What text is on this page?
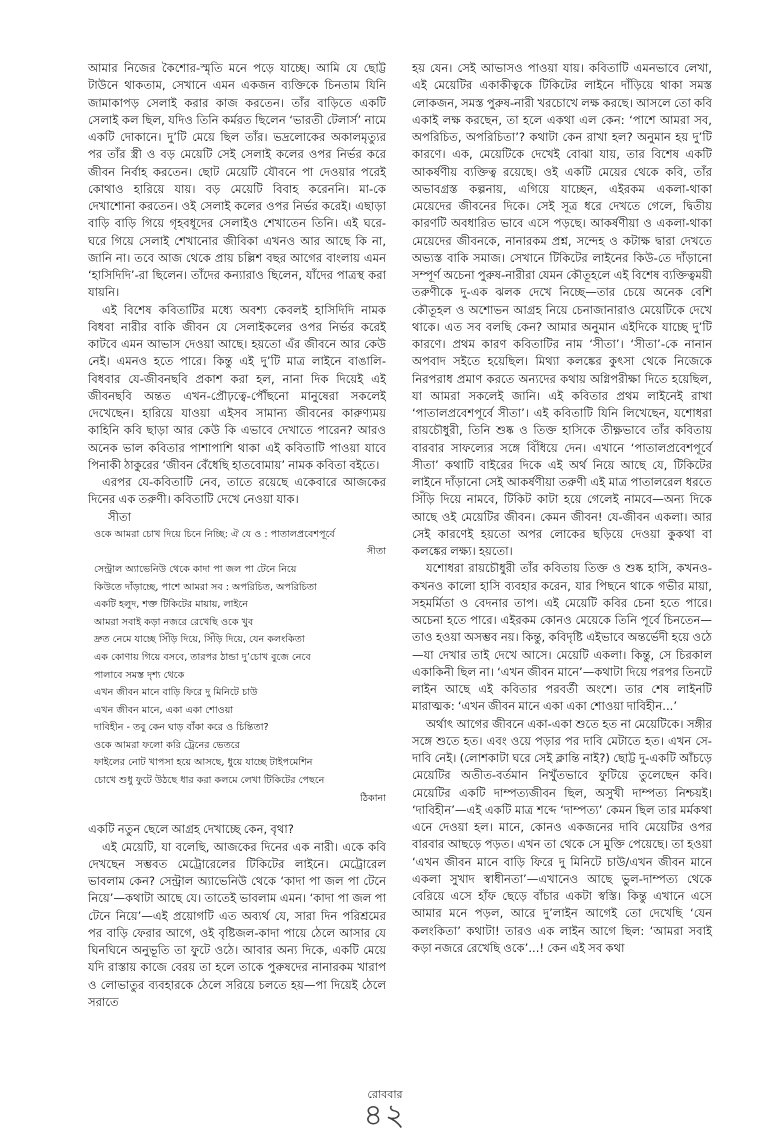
আমার নিজের কৈশোর-স্মৃতি মনে পড়ে যাচ্ছে। আমি যে ছোট্ট টাউনে থাকতাম, সেখানে এমন একজন ব্যক্তিকে চিনতাম যিনি জামাকাপড় সেলাই করার কাজ করতেন। তাঁর বাড়িতে একটি সেলাই কল ছিল, যদিও তিনি কর্মরত ছিলেন ‘ভারতী টেলার্স’ নামে একটি দোকানে। দু’টি মেয়ে ছিল তাঁর। ভদ্রলোকের অকালমৃত্যুর পর তাঁর স্ত্রী ও বড় মেয়েটি সেই সেলাই কলের ওপর নির্ভর করে জীবন নির্বাহ করতেন। ছোট মেয়েটি যৌবনে পা দেওয়ার পরেই কোথাও হারিয়ে যায়। বড় মেয়েটি বিবাহ করেননি। মা-কে দেখাশোনা করতেন। ওই সেলাই কলের ওপর নির্ভর করেই। এছাড়া বাড়ি বাড়ি গিয়ে গৃহবধূদের সেলাইও শেখাতেন তিনি। এই ঘরে-ঘরে গিয়ে সেলাই শেখানোর জীবিকা এখনও আর আছে কি না, জানি না। তবে আজ থেকে প্রায় চল্লিশ বছর আগের বাংলায় এমন ‘হাসিদিদি’-রা ছিলেন। তাঁদের কন্যারাও ছিলেন, যাঁদের পাত্রস্থ করা যায়নি।

এই বিশেষ কবিতাটির মধ্যে অবশ্য কেবলই হাসিদিদি নামক বিধবা নারীর বাকি জীবন যে সেলাইকলের ওপর নির্ভর করেই কাটবে এমন আভাস দেওয়া আছে। হয়তো এঁর জীবনে আর কেউ নেই। এমনও হতে পারে। কিন্তু এই দু’টি মাত্র লাইনে বাঙালি-বিধবার যে-জীবনছবি প্রকাশ করা হল, নানা দিক দিয়েই এই জীবনছবি অন্তত এখন-প্রৌঢ়ত্বে-পৌঁছনো মানুষেরা সকলেই দেখেছেন। হারিয়ে যাওয়া এইসব সামান্য জীবনের কারুণ্যময় কাহিনি কবি ছাড়া আর কেউ কি এভাবে দেখাতে পারেন? আরও অনেক ভাল কবিতার পাশাপাশি থাকা এই কবিতাটি পাওয়া যাবে পিনাকী ঠাকুরের ‘জীবন বেঁধেছি হাতবোমায়’ নামক কবিতা বইতে।

এরপর যে-কবিতাটি নেব, তাতে রয়েছে একেবারে আজকের দিনের এক তরুণী। কবিতাটি দেখে নেওয়া যাক।

সীতা

ওকে আমরা চোখ দিয়ে চিনে নিচ্ছি: ঐ যে ও : পাতালপ্রবেশপূর্বে
সীতা
সেন্ট্রাল অ্যাভেনিউ থেকে কাদা পা জল পা টেনে নিয়ে
কিউতে দাঁড়াচ্ছে, পাশে আমরা সব : অপরিচিত, অপরিচিতা
একটি হলুদ, শক্ত টিকিটের মায়ায়, লাইনে
আমরা সবাই কড়া নজরে রেখেছি ওকে খুব
দ্রুত নেমে যাচ্ছে সিঁড়ি দিয়ে, সিঁড়ি দিয়ে, যেন কলংকিতা
এক কোণায় গিয়ে বসবে, তারপর ঠান্ডা দু’চোখ বুজে নেবে
পালাবে সমস্ত দৃশ্য থেকে
এখন জীবন মানে বাড়ি ফিরে দু মিনিটে চাউ
এখন জীবন মানে, একা একা শোওয়া
দাবিহীন - তবু কেন ঘাড় বাঁকা করে ও চিন্তিতা?
ওকে আমরা ফলো করি ট্রেনের ভেতরে
ফাইলের নোট খাপসা হয়ে আসছে, ধুয়ে যাচ্ছে টাইপমেশিন
চোখে শুধু ফুটে উঠছে ধার করা কলমে লেখা টিকিটের পেছনে
ঠিকানা

একটি নতুন ছেলে আগ্রহ দেখাচ্ছে কেন, বৃথা?

এই মেয়েটি, যা বলেছি, আজকের দিনের এক নারী। একে কবি দেখছেন সম্ভবত মেট্রোরেলের টিকিটের লাইনে। মেট্রোরেল ভাবলাম কেন? সেন্ট্রাল অ্যাভেনিউ থেকে ‘কাদা পা জল পা টেনে নিয়ে’—কথাটা আছে যে। তাতেই ভাবলাম এমন। ‘কাদা পা জল পা টেনে নিয়ে’—এই প্রয়োগটি এত অব্যর্থ যে, সারা দিন পরিশ্রমের পর বাড়ি ফেরার আগে, ওই বৃষ্টিজল-কাদা পায়ে ঠেলে আসার যে ঘিনঘিনে অনুভূতি তা ফুটে ওঠে। আবার অন্য দিকে, একটি মেয়ে যদি রাস্তায় কাজে বেরয় তা হলে তাকে পুরুষদের নানারকম খারাপ ও লোভাতুর ব্যবহারকে ঠেলে সরিয়ে চলতে হয়—পা দিয়েই ঠেলে সরাতে

হয় যেন। সেই আভাসও পাওয়া যায়। কবিতাটি এমনভাবে লেখা, এই মেয়েটির একাকীত্বকে টিকিটের লাইনে দাঁড়িয়ে থাকা সমস্ত লোকজন, সমস্ত পুরুষ-নারী খরচোখে লক্ষ করছে। আসলে তো কবি একাই লক্ষ করছেন, তা হলে একথা এল কেন: ‘পাশে আমরা সব, অপরিচিত, অপরিচিতা’? কথাটা কেন রাখা হল? অনুমান হয় দু’টি কারণে। এক, মেয়েটিকে দেখেই বোঝা যায়, তার বিশেষ একটি আকর্ষণীয় ব্যক্তিত্ব রয়েছে। ওই একটি মেয়ের থেকে কবি, তাঁর অভাবগ্রস্ত কল্পনায়, এগিয়ে যাচ্ছেন, এইরকম একলা-থাকা মেয়েদের জীবনের দিকে। সেই সূত্র ধরে দেখতে গেলে, দ্বিতীয় কারণটি অবধারিত ভাবে এসে পড়ছে। আকর্ষণীয়া ও একলা-থাকা মেয়েদের জীবনকে, নানারকম প্রশ্ন, সন্দেহ ও কটাক্ষ দ্বারা দেখতে অভ্যস্ত বাকি সমাজ। সেখানে টিকিটের লাইনের কিউ-তে দাঁড়ানো সম্পূর্ণ অচেনা পুরুষ-নারীরা যেমন কৌতূহলে এই বিশেষ ব্যক্তিত্বময়ী তরুণীকে দু-এক ঝলক দেখে নিচ্ছে—তার চেয়ে অনেক বেশি কৌতূহল ও অশোভন আগ্রহ নিয়ে চেনাজানারাও মেয়েটিকে দেখে থাকে। এত সব বলছি কেন? আমার অনুমান এইদিকে যাচ্ছে দু’টি কারণে। প্রথম কারণ কবিতাটির নাম ‘সীতা’। ‘সীতা’-কে নানান অপবাদ সইতে হয়েছিল। মিথ্যা কলঙ্কের কুৎসা থেকে নিজেকে নিরপরাধ প্রমাণ করতে অন্যদের কথায় অগ্নিপরীক্ষা দিতে হয়েছিল, যা আমরা সকলেই জানি। এই কবিতার প্রথম লাইনেই রাখা ‘পাতালপ্রবেশপূর্বে সীতা’। এই কবিতাটি যিনি লিখেছেন, যশোধরা রায়চৌধুরী, তিনি শুষ্ক ও তিক্ত হাসিকে তীক্ষ্ণভাবে তাঁর কবিতায় বারবার সাফল্যের সঙ্গে বিঁধিয়ে দেন। এখানে ‘পাতালপ্রবেশপূর্বে সীতা’ কথাটি বাইরের দিকে এই অর্থ নিয়ে আছে যে, টিকিটের লাইনে দাঁড়ানো সেই আকর্ষণীয়া তরুণী এই মাত্র পাতালরেল ধরতে সিঁড়ি দিয়ে নামবে, টিকিট কাটা হয়ে গেলেই নামবে—অন্য দিকে আছে ওই মেয়েটির জীবন। কেমন জীবন! যে-জীবন একলা। আর সেই কারণেই হয়তো অপর লোকের ছড়িয়ে দেওয়া কুকথা বা কলঙ্কের লক্ষ্য। হয়তো।

যশোধরা রায়চৌধুরী তাঁর কবিতায় তিক্ত ও শুষ্ক হাসি, কখনও-কখনও কালো হাসি ব্যবহার করেন, যার পিছনে থাকে গভীর মায়া, সহমর্মিতা ও বেদনার তাপ। এই মেয়েটি কবির চেনা হতে পারে। অচেনা হতে পারে। এইরকম কোনও মেয়েকে তিনি পূর্বে চিনতেন—তাও হওয়া অসম্ভব নয়। কিন্তু, কবিদৃষ্টি এইভাবে অন্তর্ভেদী হয়ে ওঠে—যা দেখার তাই দেখে আসে। মেয়েটি একলা। কিন্তু, সে চিরকাল একাকিনী ছিল না। ‘এখন জীবন মানে’—কথাটা দিয়ে পরপর তিনটে লাইন আছে এই কবিতার পরবর্তী অংশে। তার শেষ লাইনটি মারাত্মক: ‘এখন জীবন মানে একা একা শোওয়া দাবিহীন...’

অর্থাৎ আগের জীবনে একা-একা শুতে হত না মেয়েটিকে। সঙ্গীর সঙ্গে শুতে হত। এবং ওয়ে পড়ার পর দাবি মেটাতে হত। এখন সে-দাবি নেই। (লোশকাটা ঘরে সেই ক্লান্তি নাই?) ছোট্ট দু-একটি আঁচড়ে মেয়েটির অতীত-বর্তমান নিখুঁতভাবে ফুটিয়ে তুলেছেন কবি। মেয়েটির একটি দাম্পত্যজীবন ছিল, অসুখী দাম্পত্য নিশ্চয়ই। ‘দাবিহীন’—এই একটি মাত্র শব্দে ‘দাম্পত্য’ কেমন ছিল তার মর্মকথা এনে দেওয়া হল। মানে, কোনও একজনের দাবি মেয়েটির ওপর বারবার আছড়ে পড়ত। এখন তা থেকে সে মুক্তি পেয়েছে। তা হওয়া ‘এখন জীবন মানে বাড়ি ফিরে দু মিনিটে চাউ/এখন জীবন মানে একলা সুখাদ স্বাধীনতা’—এখানেও আছে ভুল-দাম্পত্য থেকে বেরিয়ে এসে হাঁফ ছেড়ে বাঁচার একটা স্বস্তি। কিন্তু এখানে এসে আমার মনে পড়ল, আরে দু’লাইন আগেই তো দেখেছি ‘যেন কলংকিতা’ কথাটা! তারও এক লাইন আগে ছিল: ‘আমরা সবাই কড়া নজরে রেখেছি ওকে’...! কেন এই সব কথা

রোববার
৪২
